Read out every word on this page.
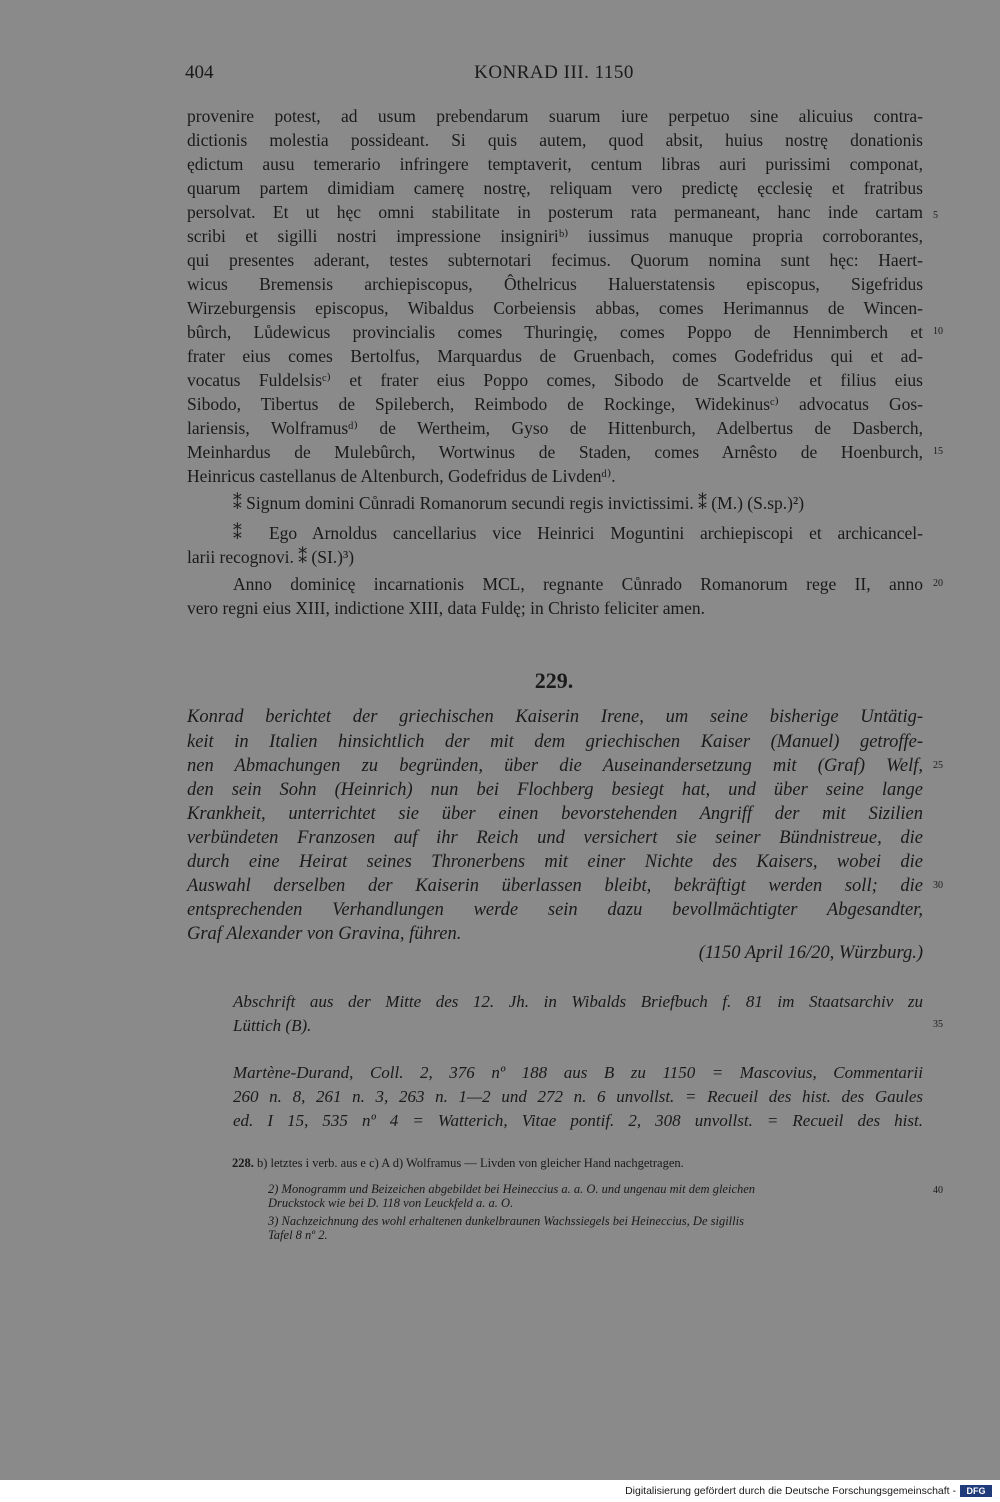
404	KONRAD III. 1150
provenire potest, ad usum prebendarum suarum iure perpetuo sine alicuius contra-
dictionis molestia possideant. Si quis autem, quod absit, huius nostrę donationis
ędictum ausu temerario infringere temptaverit, centum libras auri purissimi componat,
quarum partem dimidiam camerę nostrę, reliquam vero predictę ęcclesię et fratribus
persolvat. Et ut hęc omni stabilitate in posterum rata permaneant, hanc inde cartam
scribi et sigilli nostri impressione insigniriᵇ⁾ iussimus manuque propria corroborantes,
qui presentes aderant, testes subternotari fecimus. Quorum nomina sunt hęc: Haert-
wicus Bremensis archiepiscopus, Ôthelricus Haluerstatensis episcopus, Sigefridus
Wirzeburgensis episcopus, Wibaldus Corbeiensis abbas, comes Herimannus de Wincen-
bûrch, Lůdewicus provincialis comes Thuringię, comes Poppo de Hennimberch et
frater eius comes Bertolfus, Marquardus de Gruenbach, comes Godefridus qui et ad-
vocatus Fuldelsisᶜ⁾ et frater eius Poppo comes, Sibodo de Scartvelde et filius eius
Sibodo, Tibertus de Spileberch, Reimbodo de Rockinge, Widekinusᶜ⁾ advocatus Gos-
lariensis, Wolframusᵈ⁾ de Wertheim, Gyso de Hittenburch, Adelbertus de Dasberch,
Meinhardus de Mulebûrch, Wortwinus de Staden, comes Arnêsto de Hoenburch,
Heinricus castellanus de Altenburch, Godefridus de Livdenᵈ⁾.
⁑ Signum domini Cůnradi Romanorum secundi regis invictissimi. ⁑ (M.) (S.sp.)²)
⁑ Ego Arnoldus cancellarius vice Heinrici Moguntini archiepiscopi et archicancel-
larii recognovi. ⁑ (SI.)³)
Anno dominicę incarnationis MCL, regnante Cůnrado Romanorum rege II, anno
vero regni eius XIII, indictione XIII, data Fuldę; in Christo feliciter amen.
229.
Konrad berichtet der griechischen Kaiserin Irene, um seine bisherige Untätig-
keit in Italien hinsichtlich der mit dem griechischen Kaiser (Manuel) getroffe-
nen Abmachungen zu begründen, über die Auseinandersetzung mit (Graf) Welf,
den sein Sohn (Heinrich) nun bei Flochberg besiegt hat, und über seine lange
Krankheit, unterrichtet sie über einen bevorstehenden Angriff der mit Sizilien
verbündeten Franzosen auf ihr Reich und versichert sie seiner Bündnistreue, die
durch eine Heirat seines Thronerbens mit einer Nichte des Kaisers, wobei die
Auswahl derselben der Kaiserin überlassen bleibt, bekräftigt werden soll; die
entsprechenden Verhandlungen werde sein dazu bevollmächtigter Abgesandter,
Graf Alexander von Gravina, führen.
(1150 April 16/20, Würzburg.)
Abschrift aus der Mitte des 12. Jh. in Wibalds Briefbuch f. 81 im Staatsarchiv zu
Lüttich (B).
Martène-Durand, Coll. 2, 376 nº 188 aus B zu 1150 = Mascovius, Commentarii
260 n. 8, 261 n. 3, 263 n. 1—2 und 272 n. 6 unvollst. = Recueil des hist. des Gaules
ed. I 15, 535 nº 4 = Watterich, Vitae pontif. 2, 308 unvollst. = Recueil des hist.
228. b) letztes i verb. aus e c) A d) Wolframus — Livden von gleicher Hand nachgetragen.
2) Monogramm und Beizeichen abgebildet bei Heineccius a. a. O. und ungenau mit dem gleichen
Druckstock wie bei D. 118 von Leuckfeld a. a. O.
3) Nachzeichnung des wohl erhaltenen dunkelbraunen Wachssiegels bei Heineccius, De sigillis
Tafel 8 nº 2.
5
10
15
20
25
30
35
40
Digitalisierung gefördert durch die Deutsche Forschungsgemeinschaft -	DFG
